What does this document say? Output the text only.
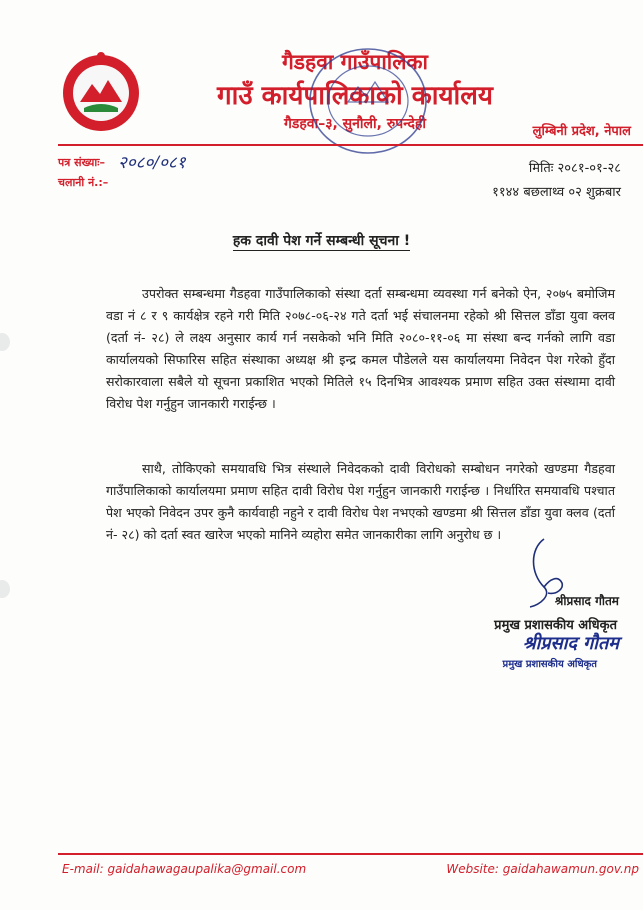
गैडहवा गाउँपालिका
गाउँ कार्यपालिकाको कार्यालय
गैडहवा–३, सुनौली, रुपन्देही	लुम्बिनी प्रदेश, नेपाल
पत्र संख्याः– २०८०/०८१
चलानी नं.:–
मितिः २०८१-०१-२८
११४४ बछलाथ्व ०२ शुक्रबार
हक दावी पेश गर्ने सम्बन्धी सूचना !
उपरोक्त सम्बन्धमा गैडहवा गाउँपालिकाको संस्था दर्ता सम्बन्धमा व्यवस्था गर्न बनेको ऐन, २०७५ बमोजिम वडा नं ८ र ९ कार्यक्षेत्र रहने गरी मिति २०७८-०६-२४ गते दर्ता भई संचालनमा रहेको श्री सित्तल डाँडा युवा क्लव (दर्ता नं- २८) ले लक्ष्य अनुसार कार्य गर्न नसकेको भनि मिति २०८०-११-०६ मा संस्था बन्द गर्नको लागि वडा कार्यालयको सिफारिस सहित संस्थाका अध्यक्ष श्री इन्द्र कमल पौडेलले यस कार्यालयमा निवेदन पेश गरेको हुँदा सरोकारवाला सबैले यो सूचना प्रकाशित भएको मितिले १५ दिनभित्र आवश्यक प्रमाण सहित उक्त संस्थामा दावी विरोध पेश गर्नुहुन जानकारी गराईन्छ ।
साथै, तोकिएको समयावधि भित्र संस्थाले निवेदकको दावी विरोधको सम्बोधन नगरेको खण्डमा गैडहवा गाउँपालिकाको कार्यालयमा प्रमाण सहित दावी विरोध पेश गर्नुहुन जानकारी गराईन्छ । निर्धारित समयावधि पश्चात पेश भएको निवेदन उपर कुनै कार्यवाही नहुने र दावी विरोध पेश नभएको खण्डमा श्री सित्तल डाँडा युवा क्लव (दर्ता नं- २८) को दर्ता स्वत खारेज भएको मानिने व्यहोरा समेत जानकारीका लागि अनुरोध छ ।
श्रीप्रसाद गौतम
प्रमुख प्रशासकीय अधिकृत
श्रीप्रसाद गौतम
प्रमुख प्रशासकीय अधिकृत
E-mail: gaidahawagaupalika@gmail.com	Website: gaidahawamun.gov.np
